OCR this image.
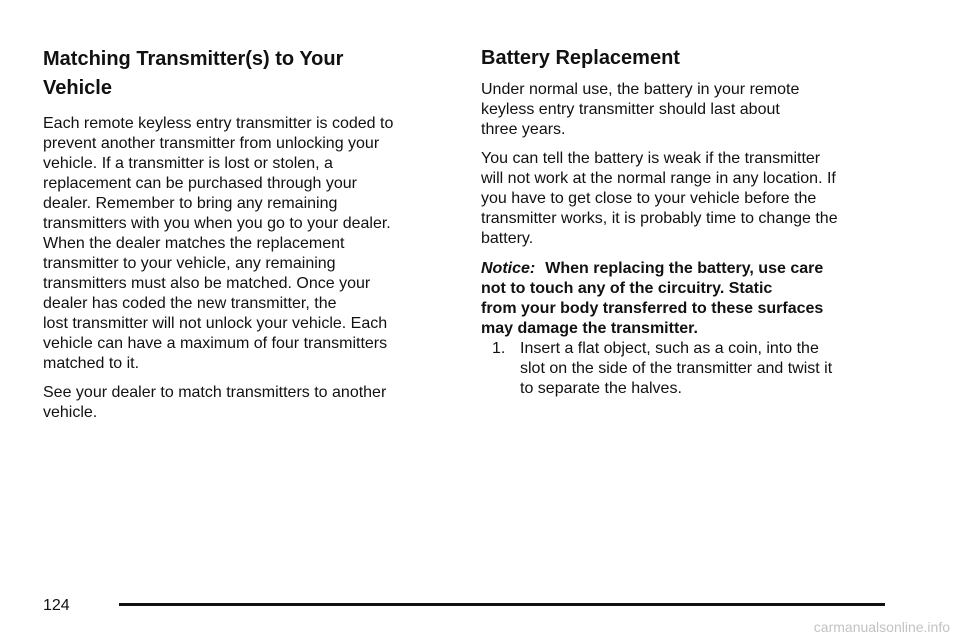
Matching Transmitter(s) to Your
Vehicle

Each remote keyless entry transmitter is coded to
prevent another transmitter from unlocking your
vehicle. If a transmitter is lost or stolen, a
replacement can be purchased through your
dealer. Remember to bring any remaining
transmitters with you when you go to your dealer.
When the dealer matches the replacement
transmitter to your vehicle, any remaining
transmitters must also be matched. Once your
dealer has coded the new transmitter, the
lost transmitter will not unlock your vehicle. Each
vehicle can have a maximum of four transmitters
matched to it.

See your dealer to match transmitters to another
vehicle.

Battery Replacement

Under normal use, the battery in your remote
keyless entry transmitter should last about
three years.

You can tell the battery is weak if the transmitter
will not work at the normal range in any location. If
you have to get close to your vehicle before the
transmitter works, it is probably time to change the
battery.

Notice: When replacing the battery, use care
not to touch any of the circuitry. Static
from your body transferred to these surfaces
may damage the transmitter.

1. Insert a flat object, such as a coin, into the
slot on the side of the transmitter and twist it
to separate the halves.
124
carmanualsonline.info
